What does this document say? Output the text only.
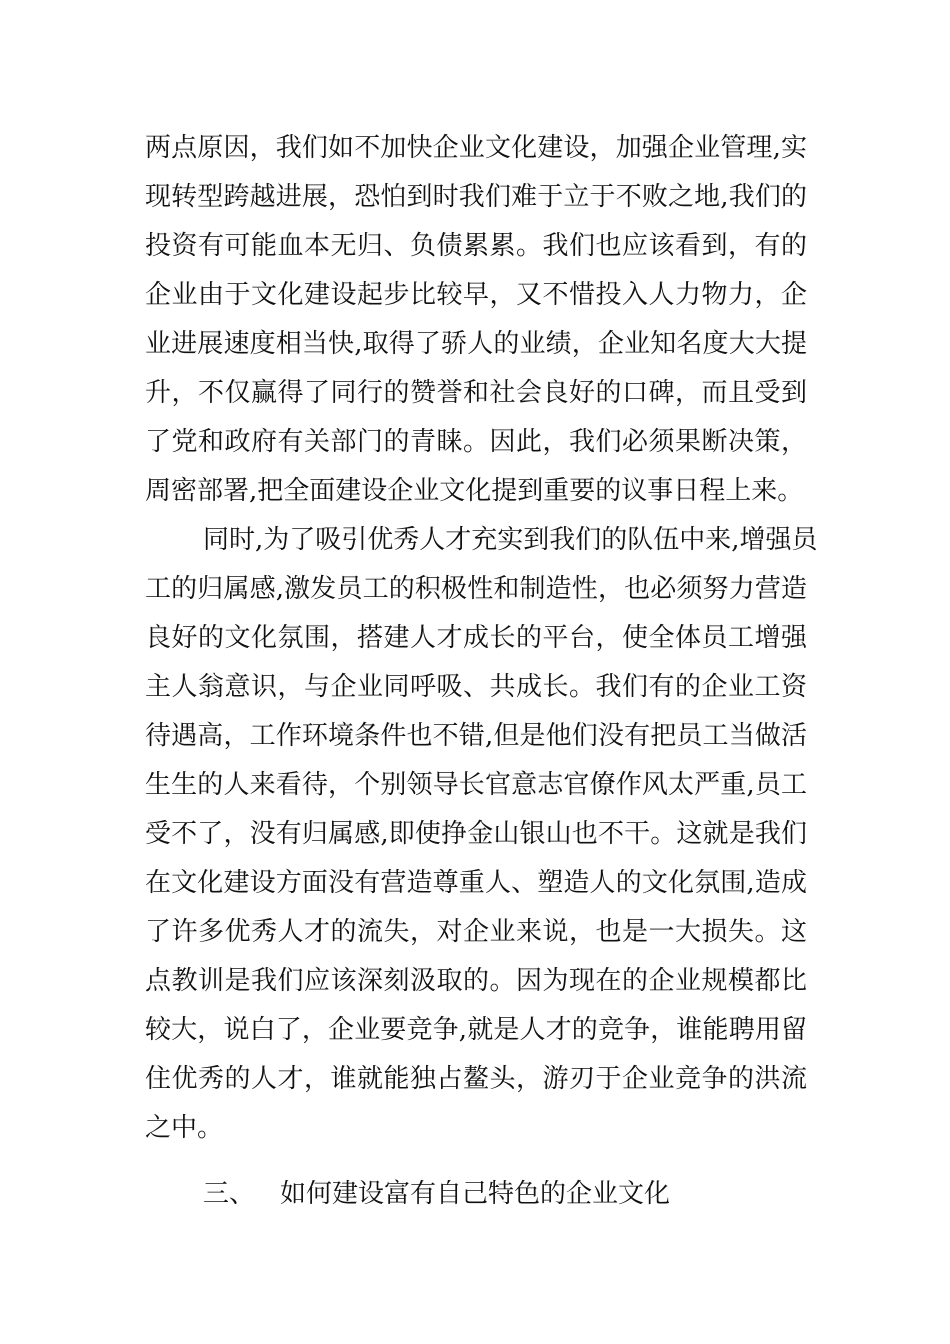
两点原因，我们如不加快企业文化建设，加强企业管理,实
现转型跨越进展，恐怕到时我们难于立于不败之地,我们的
投资有可能血本无归、负债累累。我们也应该看到，有的
企业由于文化建设起步比较早，又不惜投入人力物力，企
业进展速度相当快,取得了骄人的业绩，企业知名度大大提
升，不仅赢得了同行的赞誉和社会良好的口碑，而且受到
了党和政府有关部门的青睐。因此，我们必须果断决策，
周密部署,把全面建设企业文化提到重要的议事日程上来。
同时,为了吸引优秀人才充实到我们的队伍中来,增强员
工的归属感,激发员工的积极性和制造性，也必须努力营造
良好的文化氛围，搭建人才成长的平台，使全体员工增强
主人翁意识，与企业同呼吸、共成长。我们有的企业工资
待遇高，工作环境条件也不错,但是他们没有把员工当做活
生生的人来看待，个别领导长官意志官僚作风太严重,员工
受不了，没有归属感,即使挣金山银山也不干。这就是我们
在文化建设方面没有营造尊重人、塑造人的文化氛围,造成
了许多优秀人才的流失，对企业来说，也是一大损失。这
点教训是我们应该深刻汲取的。因为现在的企业规模都比
较大，说白了，企业要竞争,就是人才的竞争，谁能聘用留
住优秀的人才，谁就能独占鳌头，游刃于企业竞争的洪流
之中。
三、 如何建设富有自己特色的企业文化
